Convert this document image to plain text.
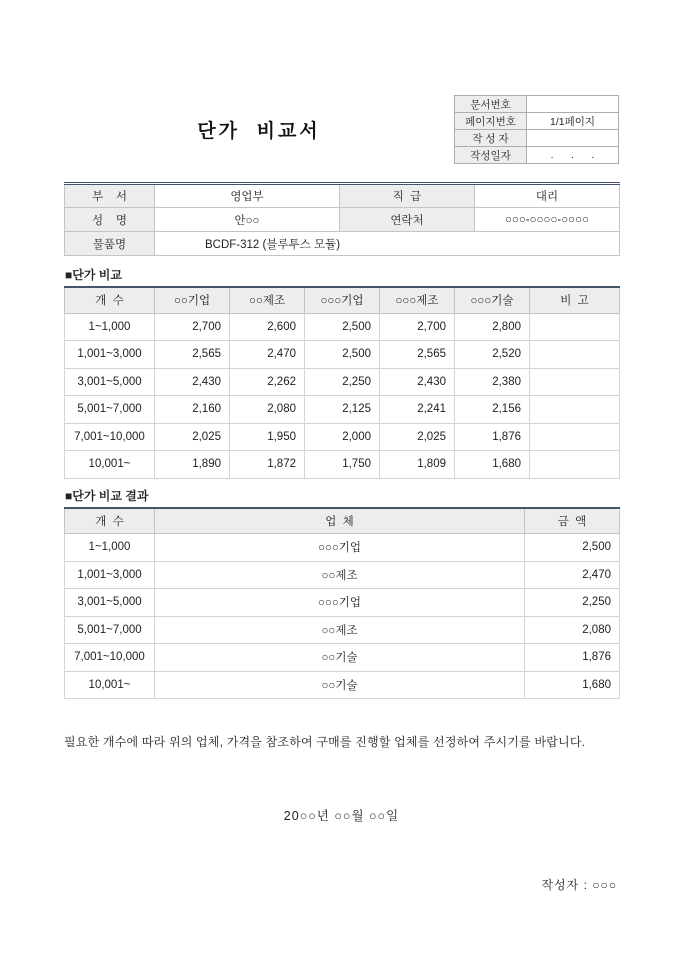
단가  비교서
문서번호	
페이지번호	1/1페이지
작 성 자	
작성일자	.      .      .
부    서	영업부	직  급	대리
성    명	안○○	연락처	○○○-○○○○-○○○○
물품명	BCDF-312 (블루투스 모듈)		
■단가 비교
개  수	○○기업	○○제조	○○○기업	○○○제조	○○○기술	비  고
1~1,000	2,700	2,600	2,500	2,700	2,800	
1,001~3,000	2,565	2,470	2,500	2,565	2,520	
3,001~5,000	2,430	2,262	2,250	2,430	2,380	
5,001~7,000	2,160	2,080	2,125	2,241	2,156	
7,001~10,000	2,025	1,950	2,000	2,025	1,876	
10,001~	1,890	1,872	1,750	1,809	1,680	
■단가 비교 결과
개  수	업  체	금  액
1~1,000	○○○기업	2,500
1,001~3,000	○○제조	2,470
3,001~5,000	○○○기업	2,250
5,001~7,000	○○제조	2,080
7,001~10,000	○○기술	1,876
10,001~	○○기술	1,680

필요한 개수에 따라 위의 업체, 가격을 참조하여 구매를 진행할 업체를 선정하여 주시기를 바랍니다.

20○○년 ○○월 ○○일
작성자 : ○○○
